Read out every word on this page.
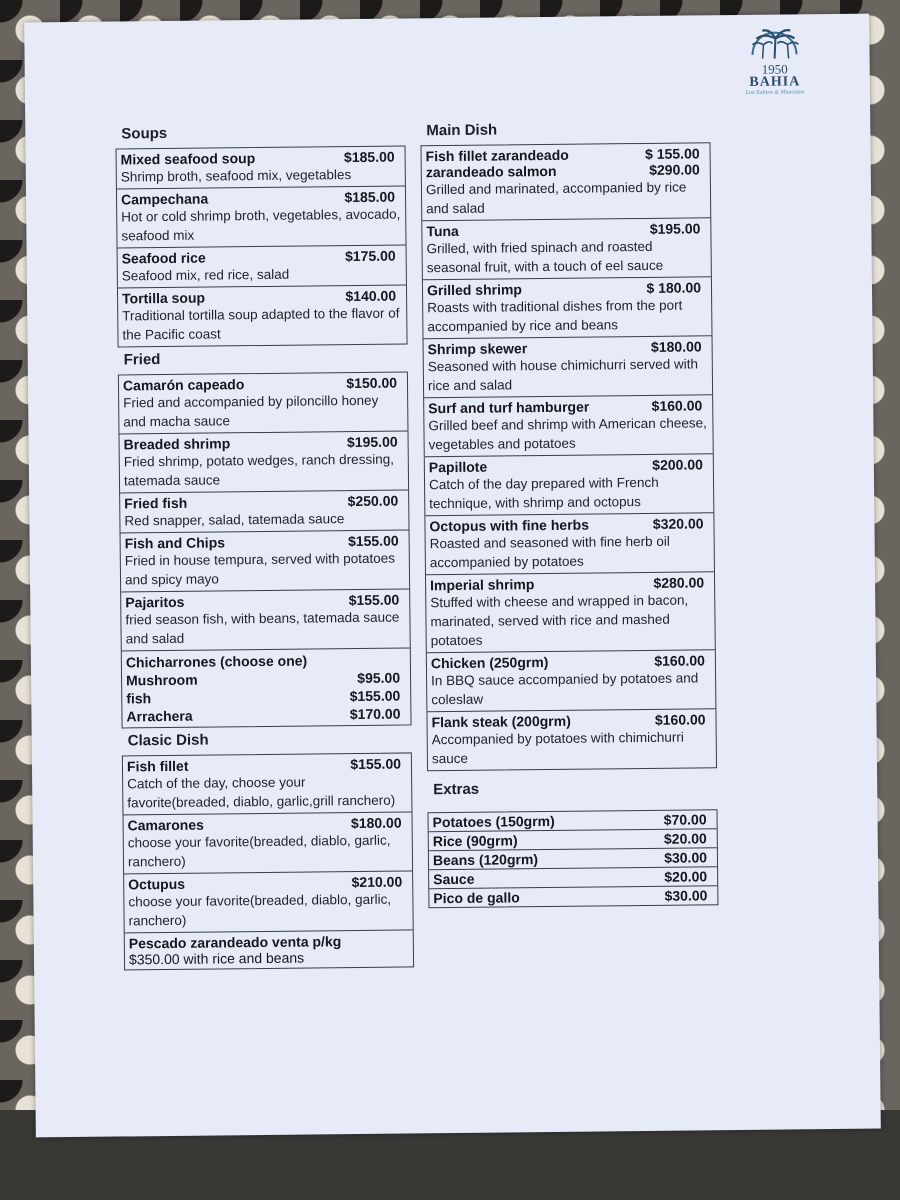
1950
BAHIA
Los Sabios & Mezcales
Soups
Mixed seafood soup	$185.00
Shrimp broth, seafood mix, vegetables
Campechana	$185.00
Hot or cold shrimp broth, vegetables, avocado, seafood mix
Seafood rice	$175.00
Seafood mix, red rice, salad
Tortilla soup	$140.00
Traditional tortilla soup adapted to the flavor of the Pacific coast
Fried
Camarón capeado	$150.00
Fried and accompanied by piloncillo honey and macha sauce
Breaded shrimp	$195.00
Fried shrimp, potato wedges, ranch dressing, tatemada sauce
Fried fish	$250.00
Red snapper, salad, tatemada sauce
Fish and Chips	$155.00
Fried in house tempura, served with potatoes and spicy mayo
Pajaritos	$155.00
fried season fish, with beans, tatemada sauce and salad
Chicharrones (choose one)
Mushroom	$95.00
fish	$155.00
Arrachera	$170.00
Clasic Dish
Fish fillet	$155.00
Catch of the day, choose your favorite(breaded, diablo, garlic,grill ranchero)
Camarones	$180.00
choose your favorite(breaded, diablo, garlic, ranchero)
Octupus	$210.00
choose your favorite(breaded, diablo, garlic, ranchero)
Pescado zarandeado venta p/kg
$350.00 with rice and beans
Main Dish
Fish fillet zarandeado	$ 155.00
zarandeado salmon	$290.00
Grilled and marinated, accompanied by rice and salad
Tuna	$195.00
Grilled, with fried spinach and roasted seasonal fruit, with a touch of eel sauce
Grilled shrimp	$ 180.00
Roasts with traditional dishes from the port accompanied by rice and beans
Shrimp skewer	$180.00
Seasoned with house chimichurri served with rice and salad
Surf and turf hamburger	$160.00
Grilled beef and shrimp with American cheese, vegetables and potatoes
Papillote	$200.00
Catch of the day prepared with French technique, with shrimp and octopus
Octopus with fine herbs	$320.00
Roasted and seasoned with fine herb oil accompanied by potatoes
Imperial shrimp	$280.00
Stuffed with cheese and wrapped in bacon, marinated, served with rice and mashed potatoes
Chicken (250grm)	$160.00
In BBQ sauce accompanied by potatoes and coleslaw
Flank steak (200grm)	$160.00
Accompanied by potatoes with chimichurri sauce
Extras
Potatoes (150grm)	$70.00
Rice (90grm)	$20.00
Beans (120grm)	$30.00
Sauce	$20.00
Pico de gallo	$30.00
